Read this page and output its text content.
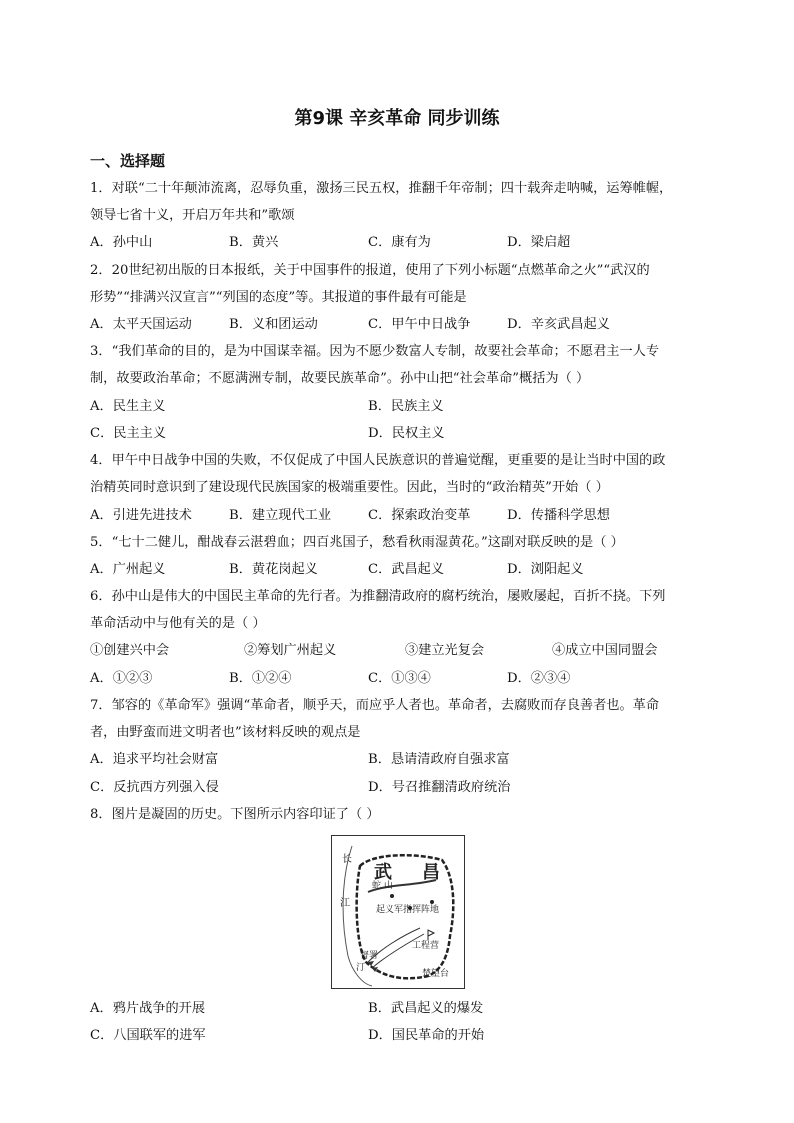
第9课 辛亥革命 同步训练
一、选择题
1．对联“二十年颠沛流离，忍辱负重，激扬三民五权，推翻千年帝制；四十载奔走呐喊，运筹帷幄，
领导七省十义，开启万年共和”歌颂
A．孙中山	B．黄兴	C．康有为	D．梁启超
2．20世纪初出版的日本报纸，关于中国事件的报道，使用了下列小标题“点燃革命之火”“武汉的
形势”“排满兴汉宣言”“列国的态度”等。其报道的事件最有可能是
A．太平天国运动	B．义和团运动	C．甲午中日战争	D．辛亥武昌起义
3．“我们革命的目的，是为中国谋幸福。因为不愿少数富人专制，故要社会革命；不愿君主一人专
制，故要政治革命；不愿满洲专制，故要民族革命”。孙中山把“社会革命”概括为（ ）
A．民生主义	B．民族主义
C．民主主义	D．民权主义
4．甲午中日战争中国的失败，不仅促成了中国人民族意识的普遍觉醒，更重要的是让当时中国的政
治精英同时意识到了建设现代民族国家的极端重要性。因此，当时的“政治精英”开始（ ）
A．引进先进技术	B．建立现代工业	C．探索政治变革	D．传播科学思想
5．“七十二健儿，酣战春云湛碧血；四百兆国子，愁看秋雨湿黄花。”这副对联反映的是（ ）
A．广州起义	B．黄花岗起义	C．武昌起义	D．浏阳起义
6．孙中山是伟大的中国民主革命的先行者。为推翻清政府的腐朽统治，屡败屡起，百折不挠。下列
革命活动中与他有关的是（ ）
①创建兴中会	②筹划广州起义	③建立光复会	④成立中国同盟会
A．①②③	B．①②④	C．①③④	D．②③④
7．邹容的《革命军》强调“革命者，顺乎天，而应乎人者也。革命者，去腐败而存良善者也。革命
者，由野蛮而进文明者也”该材料反映的观点是
A．追求平均社会财富	B．恳请清政府自强求富
C．反抗西方列强入侵	D．号召推翻清政府统治
8．图片是凝固的历史。下图所示内容印证了（ ）
长
江
武 昌
蛇 山
起义军指挥阵地
工程营
督署
汀
楚望台
A．鸦片战争的开展	B．武昌起义的爆发
C．八国联军的进军	D．国民革命的开始
